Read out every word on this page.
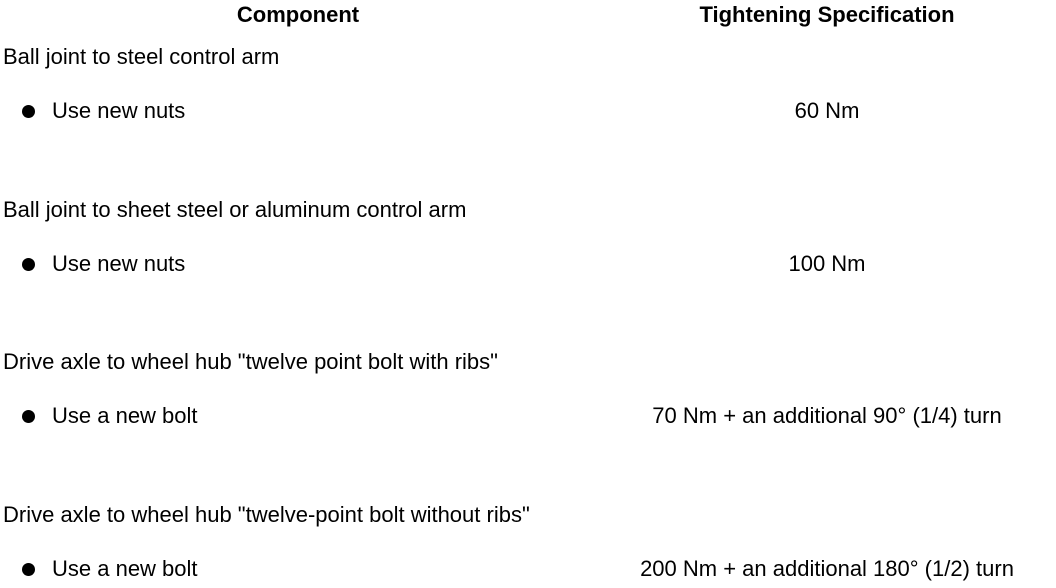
Component	Tightening Specification
Ball joint to steel control arm
Use new nuts	60 Nm
Ball joint to sheet steel or aluminum control arm
Use new nuts	100 Nm
Drive axle to wheel hub "twelve point bolt with ribs"
Use a new bolt	70 Nm + an additional 90° (1/4) turn
Drive axle to wheel hub "twelve-point bolt without ribs"
Use a new bolt	200 Nm + an additional 180° (1/2) turn
